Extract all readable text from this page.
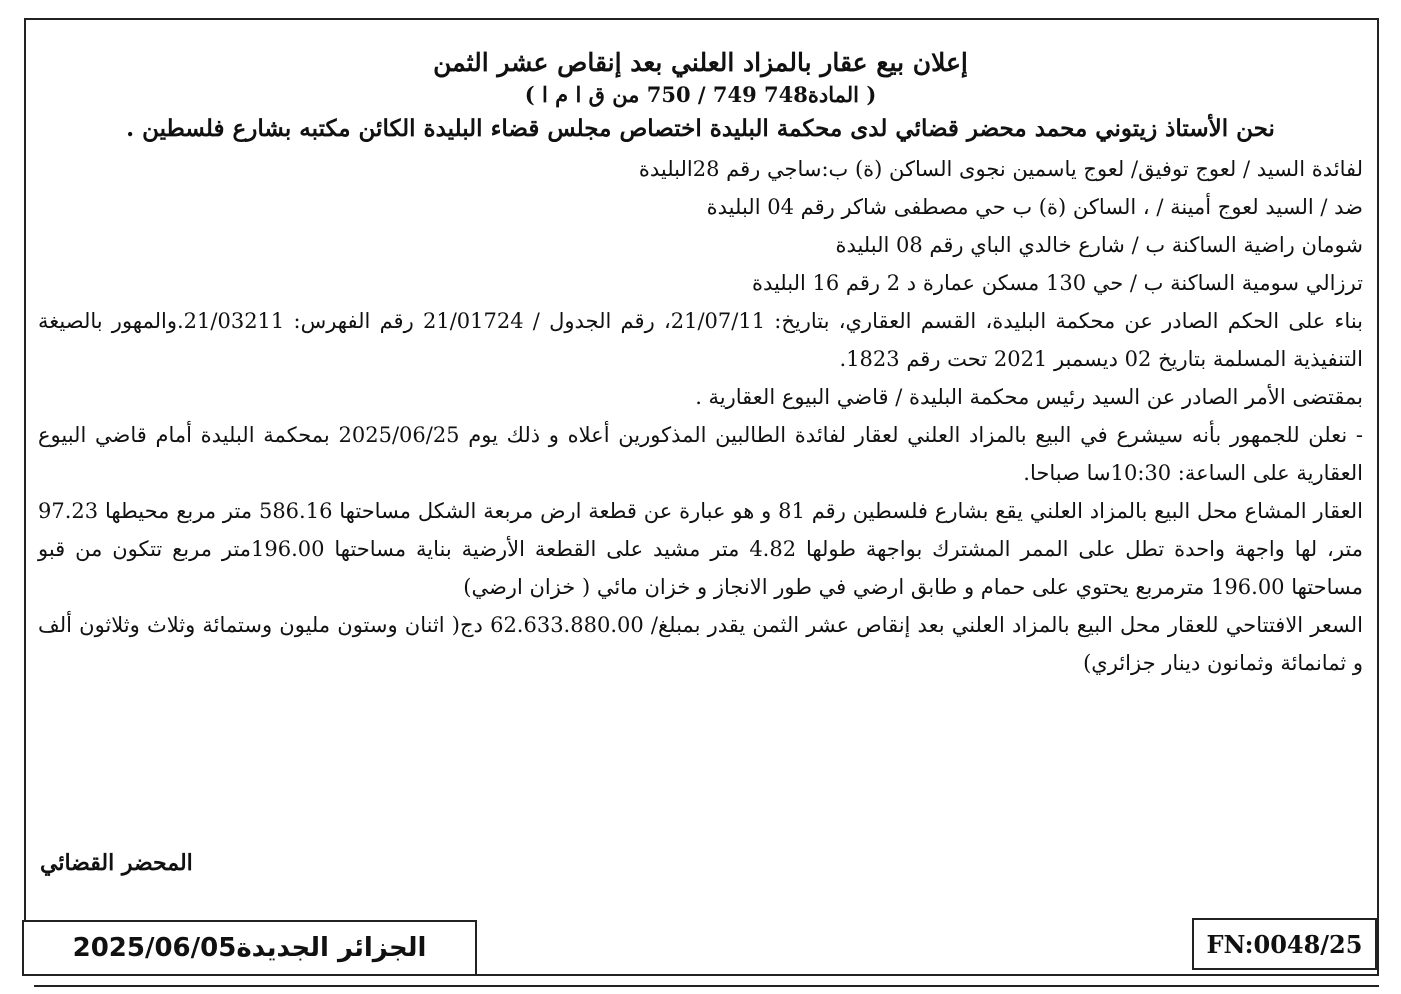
إعلان بيع عقار بالمزاد العلني بعد إنقاص عشر الثمن

( المادة748 749 / 750 من ق ا م ا )

نحن الأستاذ زيتوني محمد محضر قضائي لدى محكمة البليدة اختصاص مجلس قضاء البليدة الكائن مكتبه بشارع فلسطين .

لفائدة السيد / لعوج توفيق/ لعوج ياسمين نجوى الساكن (ة) ب:ساجي رقم 28البليدة

ضد / السيد لعوج أمينة / ، الساكن (ة) ب حي مصطفى شاكر رقم 04 البليدة

شومان راضية الساكنة ب / شارع خالدي الباي رقم 08 البليدة

ترزالي سومية الساكنة ب / حي 130 مسكن عمارة د 2 رقم 16 البليدة

بناء على الحكم الصادر عن محكمة البليدة، القسم العقاري، بتاريخ: 21/07/11، رقم الجدول / 21/01724 رقم الفهرس: 21/03211.والمهور بالصيغة التنفيذية المسلمة بتاريخ 02 ديسمبر 2021 تحت رقم 1823.

بمقتضى الأمر الصادر عن السيد رئيس محكمة البليدة / قاضي البيوع العقارية .

- نعلن للجمهور بأنه سيشرع في البيع بالمزاد العلني لعقار لفائدة الطالبين المذكورين أعلاه و ذلك يوم 2025/06/25 بمحكمة البليدة أمام قاضي البيوع العقارية على الساعة: 10:30سا صباحا.

العقار المشاع محل البيع بالمزاد العلني يقع بشارع فلسطين رقم 81 و هو عبارة عن قطعة ارض مربعة الشكل مساحتها 586.16 متر مربع محيطها 97.23 متر، لها واجهة واحدة تطل على الممر المشترك بواجهة طولها 4.82 متر مشيد على القطعة الأرضية بناية مساحتها 196.00متر مربع تتكون من قبو مساحتها 196.00 مترمربع يحتوي على حمام و طابق ارضي في طور الانجاز و خزان مائي ( خزان ارضي)

السعر الافتتاحي للعقار محل البيع بالمزاد العلني بعد إنقاص عشر الثمن يقدر بمبلغ/ 62.633.880.00 دج( اثنان وستون مليون وستمائة وثلاث وثلاثون ألف و ثمانمائة وثمانون دينار جزائري)

المحضر القضائي
FN:0048/25
الجزائر الجديدة2025/06/05
